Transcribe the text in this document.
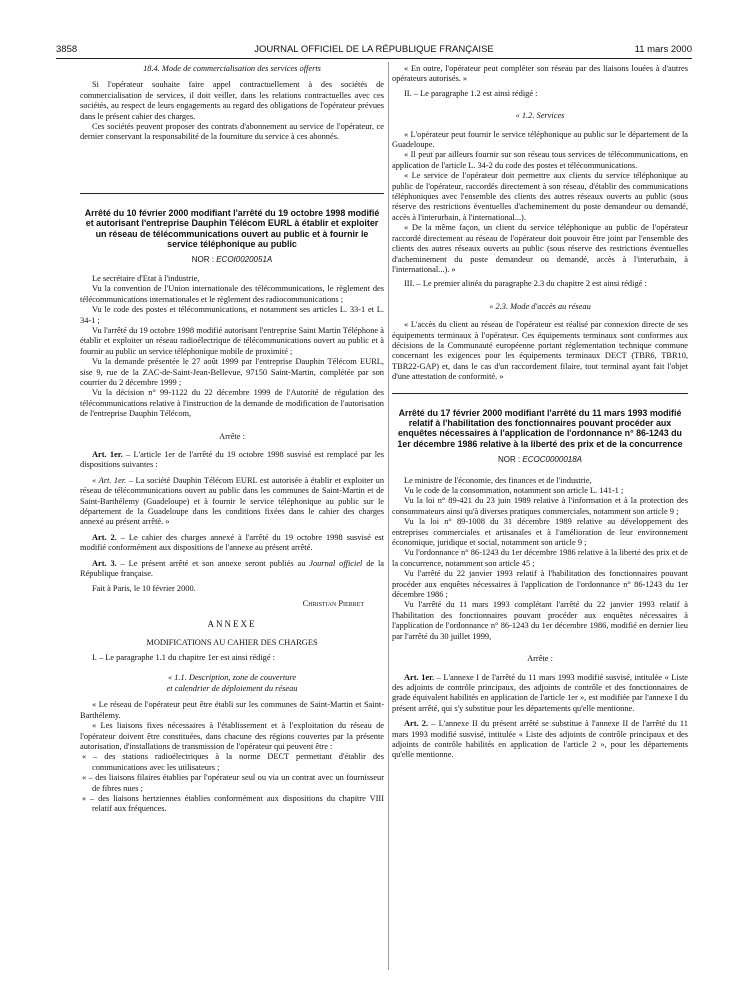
3858	JOURNAL OFFICIEL DE LA RÉPUBLIQUE FRANÇAISE	11 mars 2000

18.4. Mode de commercialisation des services offerts

Si l'opérateur souhaite faire appel contractuellement à des sociétés de commercialisation de services, il doit veiller, dans les relations contractuelles avec ces sociétés, au respect de leurs engagements au regard des obligations de l'opérateur prévues dans le présent cahier des charges.

Ces sociétés peuvent proposer des contrats d'abonnement au service de l'opérateur, ce dernier conservant la responsabilité de la fourniture du service à ces abonnés.

Arrêté du 10 février 2000 modifiant l'arrêté du 19 octobre 1998 modifié et autorisant l'entreprise Dauphin Télécom EURL à établir et exploiter un réseau de télécommunications ouvert au public et à fournir le service téléphonique au public

NOR : ECOI0020051A

Le secrétaire d'Etat à l'industrie,

Vu la convention de l'Union internationale des télécommunications, le règlement des télécommunications internationales et le règlement des radiocommunications ;

Vu le code des postes et télécommunications, et notamment ses articles L. 33-1 et L. 34-1 ;

Vu l'arrêté du 19 octobre 1998 modifié autorisant l'entreprise Saint Martin Téléphone à établir et exploiter un réseau radioélectrique de télécommunications ouvert au public et à fournir au public un service téléphonique mobile de proximité ;

Vu la demande présentée le 27 août 1999 par l'entreprise Dauphin Télécom EURL, sise 9, rue de la ZAC-de-Saint-Jean-Bellevue, 97150 Saint-Martin, complétée par son courrier du 2 décembre 1999 ;

Vu la décision n° 99-1122 du 22 décembre 1999 de l'Autorité de régulation des télécommunications relative à l'instruction de la demande de modification de l'autorisation de l'entreprise Dauphin Télécom,

Arrête :

Art. 1er. – L'article 1er de l'arrêté du 19 octobre 1998 susvisé est remplacé par les dispositions suivantes :

« Art. 1er. – La société Dauphin Télécom EURL est autorisée à établir et exploiter un réseau de télécommunications ouvert au public dans les communes de Saint-Martin et de Saint-Barthélemy (Guadeloupe) et à fournir le service téléphonique au public sur le département de la Guadeloupe dans les conditions fixées dans le cahier des charges annexé au présent arrêté. »

Art. 2. – Le cahier des charges annexé à l'arrêté du 19 octobre 1998 susvisé est modifié conformément aux dispositions de l'annexe au présent arrêté.

Art. 3. – Le présent arrêté et son annexe seront publiés au Journal officiel de la République française.

Fait à Paris, le 10 février 2000.

Christian Pierret

ANNEXE

MODIFICATIONS AU CAHIER DES CHARGES

I. – Le paragraphe 1.1 du chapitre 1er est ainsi rédigé :

« 1.1. Description, zone de couverture

et calendrier de déploiement du réseau

« Le réseau de l'opérateur peut être établi sur les communes de Saint-Martin et Saint-Barthélemy.

« Les liaisons fixes nécessaires à l'établissement et à l'exploitation du réseau de l'opérateur doivent être constituées, dans chacune des régions couvertes par la présente autorisation, d'installations de transmission de l'opérateur qui peuvent être :

« – des stations radioélectriques à la norme DECT permettant d'établir des communications avec les utilisateurs ;

« – des liaisons filaires établies par l'opérateur seul ou via un contrat avec un fournisseur de fibres nues ;

« – des liaisons hertziennes établies conformément aux dispositions du chapitre VIII relatif aux fréquences.

« En outre, l'opérateur peut compléter son réseau par des liaisons louées à d'autres opérateurs autorisés. »

II. – Le paragraphe 1.2 est ainsi rédigé :

« 1.2. Services

« L'opérateur peut fournir le service téléphonique au public sur le département de la Guadeloupe.

« Il peut par ailleurs fournir sur son réseau tous services de télécommunications, en application de l'article L. 34-2 du code des postes et télécommunications.

« Le service de l'opérateur doit permettre aux clients du service téléphonique au public de l'opérateur, raccordés directement à son réseau, d'établir des communications téléphoniques avec l'ensemble des clients des autres réseaux ouverts au public (sous réserve des restrictions éventuelles d'acheminement du poste demandeur ou demandé, accès à l'interurbain, à l'international...).

« De la même façon, un client du service téléphonique au public de l'opérateur raccordé directement au réseau de l'opérateur doit pouvoir être joint par l'ensemble des clients des autres réseaux ouverts au public (sous réserve des restrictions éventuelles d'acheminement du poste demandeur ou demandé, accès à l'interurbain, à l'international...). »

III. – Le premier alinéa du paragraphe 2.3 du chapitre 2 est ainsi rédigé :

« 2.3. Mode d'accès au réseau

« L'accès du client au réseau de l'opérateur est réalisé par connexion directe de ses équipements terminaux à l'opérateur. Ces équipements terminaux sont conformes aux décisions de la Communauté européenne portant réglementation technique commune concernant les exigences pour les équipements terminaux DECT (TBR6, TBR10, TBR22-GAP) et, dans le cas d'un raccordement filaire, tout terminal ayant fait l'objet d'une attestation de conformité. »

Arrêté du 17 février 2000 modifiant l'arrêté du 11 mars 1993 modifié relatif à l'habilitation des fonctionnaires pouvant procéder aux enquêtes nécessaires à l'application de l'ordonnance n° 86-1243 du 1er décembre 1986 relative à la liberté des prix et de la concurrence

NOR : ECOC0000018A

Le ministre de l'économie, des finances et de l'industrie,

Vu le code de la consommation, notamment son article L. 141-1 ;

Vu la loi n° 89-421 du 23 juin 1989 relative à l'information et à la protection des consommateurs ainsi qu'à diverses pratiques commerciales, notamment son article 9 ;

Vu la loi n° 89-1008 du 31 décembre 1989 relative au développement des entreprises commerciales et artisanales et à l'amélioration de leur environnement économique, juridique et social, notamment son article 9 ;

Vu l'ordonnance n° 86-1243 du 1er décembre 1986 relative à la liberté des prix et de la concurrence, notamment son article 45 ;

Vu l'arrêté du 22 janvier 1993 relatif à l'habilitation des fonctionnaires pouvant procéder aux enquêtes nécessaires à l'application de l'ordonnance n° 86-1243 du 1er décembre 1986 ;

Vu l'arrêté du 11 mars 1993 complétant l'arrêté du 22 janvier 1993 relatif à l'habilitation des fonctionnaires pouvant procéder aux enquêtes nécessaires à l'application de l'ordonnance n° 86-1243 du 1er décembre 1986, modifié en dernier lieu par l'arrêté du 30 juillet 1999,

Arrête :

Art. 1er. – L'annexe I de l'arrêté du 11 mars 1993 modifié susvisé, intitulée « Liste des adjoints de contrôle principaux, des adjoints de contrôle et des fonctionnaires de grade équivalent habilités en application de l'article 1er », est modifiée par l'annexe I du présent arrêté, qui s'y substitue pour les départements qu'elle mentionne.

Art. 2. – L'annexe II du présent arrêté se substitue à l'annexe II de l'arrêté du 11 mars 1993 modifié susvisé, intitulée « Liste des adjoints de contrôle principaux et des adjoints de contrôle habilités en application de l'article 2 », pour les départements qu'elle mentionne.
